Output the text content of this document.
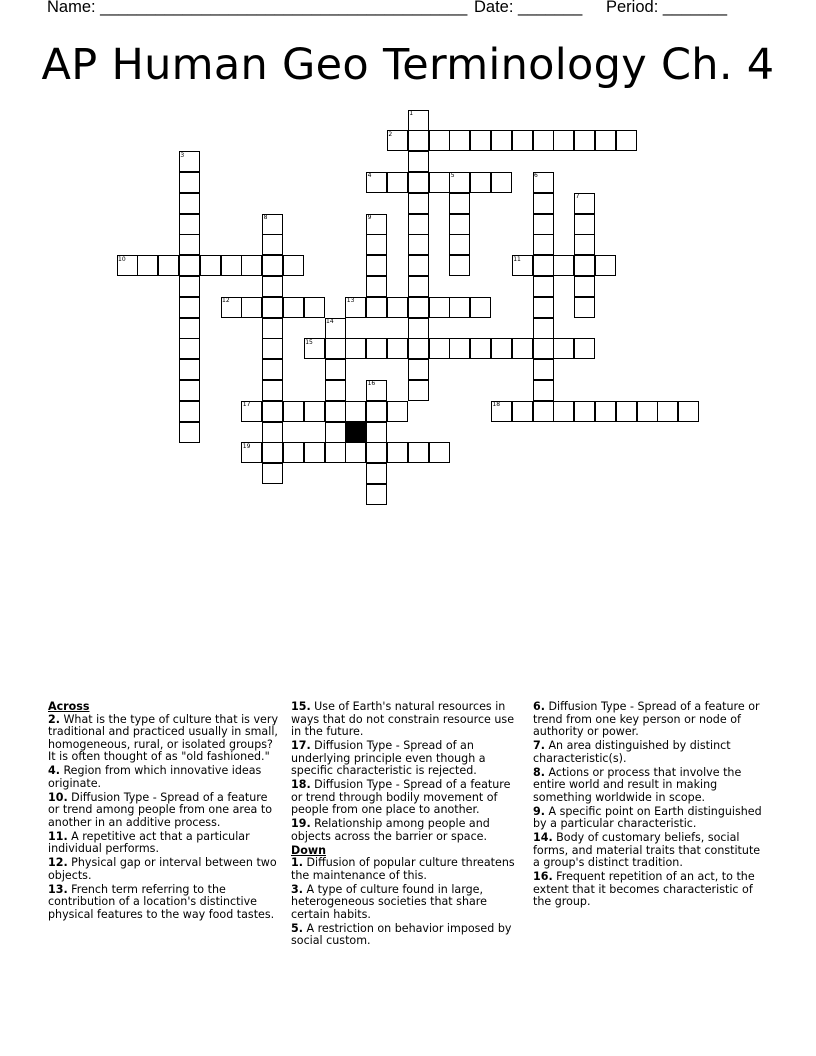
Name: ________________________________________ Date: _______ Period: _______
AP Human Geo Terminology Ch. 4
1
2
3
4	5	6
7
8	9
10	11
12	13
14
15
16
17	18
19
Across
2. What is the type of culture that is very traditional and practiced usually in small, homogeneous, rural, or isolated groups? It is often thought of as "old fashioned."
4. Region from which innovative ideas originate.
10. Diffusion Type - Spread of a feature or trend among people from one area to another in an additive process.
11. A repetitive act that a particular individual performs.
12. Physical gap or interval between two objects.
13. French term referring to the contribution of a location's distinctive physical features to the way food tastes.
15. Use of Earth's natural resources in ways that do not constrain resource use in the future.
17. Diffusion Type - Spread of an underlying principle even though a specific characteristic is rejected.
18. Diffusion Type - Spread of a feature or trend through bodily movement of people from one place to another.
19. Relationship among people and objects across the barrier or space.
Down
1. Diffusion of popular culture threatens the maintenance of this.
3. A type of culture found in large, heterogeneous societies that share certain habits.
5. A restriction on behavior imposed by social custom.
6. Diffusion Type - Spread of a feature or trend from one key person or node of authority or power.
7. An area distinguished by distinct characteristic(s).
8. Actions or process that involve the entire world and result in making something worldwide in scope.
9. A specific point on Earth distinguished by a particular characteristic.
14. Body of customary beliefs, social forms, and material traits that constitute a group's distinct tradition.
16. Frequent repetition of an act, to the extent that it becomes characteristic of the group.
